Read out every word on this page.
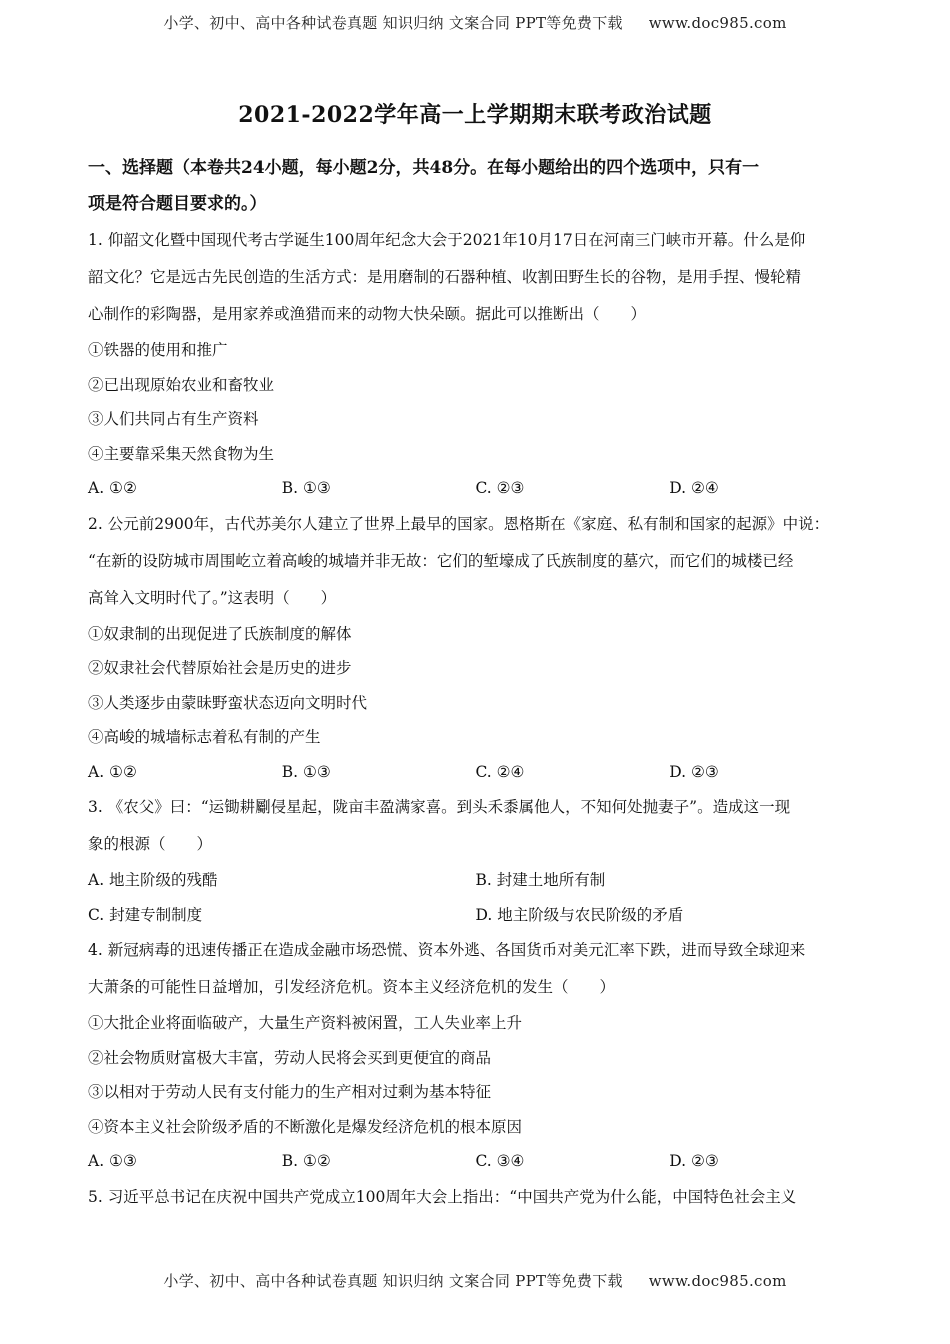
小学、初中、高中各种试卷真题 知识归纳 文案合同 PPT等免费下载 www.doc985.com
2021-2022学年高一上学期期末联考政治试题
一、选择题（本卷共24小题，每小题2分，共48分。在每小题给出的四个选项中，只有一
项是符合题目要求的。）

1. 仰韶文化暨中国现代考古学诞生100周年纪念大会于2021年10月17日在河南三门峡市开幕。什么是仰

韶文化？它是远古先民创造的生活方式：是用磨制的石器种植、收割田野生长的谷物，是用手捏、慢轮精

心制作的彩陶器，是用家养或渔猎而来的动物大快朵颐。据此可以推断出（　　）

①铁器的使用和推广

②已出现原始农业和畜牧业

③人们共同占有生产资料

④主要靠采集天然食物为生

A. ①②	B. ①③	C. ②③	D. ②④

2. 公元前2900年，古代苏美尔人建立了世界上最早的国家。恩格斯在《家庭、私有制和国家的起源》中说：

“在新的设防城市周围屹立着高峻的城墙并非无故：它们的堑壕成了氏族制度的墓穴，而它们的城楼已经

高耸入文明时代了。”这表明（　　）

①奴隶制的出现促进了氏族制度的解体

②奴隶社会代替原始社会是历史的进步

③人类逐步由蒙昧野蛮状态迈向文明时代

④高峻的城墙标志着私有制的产生

A. ①②	B. ①③	C. ②④	D. ②③

3. 《农父》曰：“运锄耕劚侵星起，陇亩丰盈满家喜。到头禾黍属他人，不知何处抛妻子”。造成这一现

象的根源（　　）

A. 地主阶级的残酷	B. 封建土地所有制
C. 封建专制制度	D. 地主阶级与农民阶级的矛盾

4. 新冠病毒的迅速传播正在造成金融市场恐慌、资本外逃、各国货币对美元汇率下跌，进而导致全球迎来

大萧条的可能性日益增加，引发经济危机。资本主义经济危机的发生（　　）

①大批企业将面临破产，大量生产资料被闲置，工人失业率上升

②社会物质财富极大丰富，劳动人民将会买到更便宜的商品

③以相对于劳动人民有支付能力的生产相对过剩为基本特征

④资本主义社会阶级矛盾的不断激化是爆发经济危机的根本原因

A. ①③	B. ①②	C. ③④	D. ②③

5. 习近平总书记在庆祝中国共产党成立100周年大会上指出：“中国共产党为什么能，中国特色社会主义

小学、初中、高中各种试卷真题 知识归纳 文案合同 PPT等免费下载 www.doc985.com
